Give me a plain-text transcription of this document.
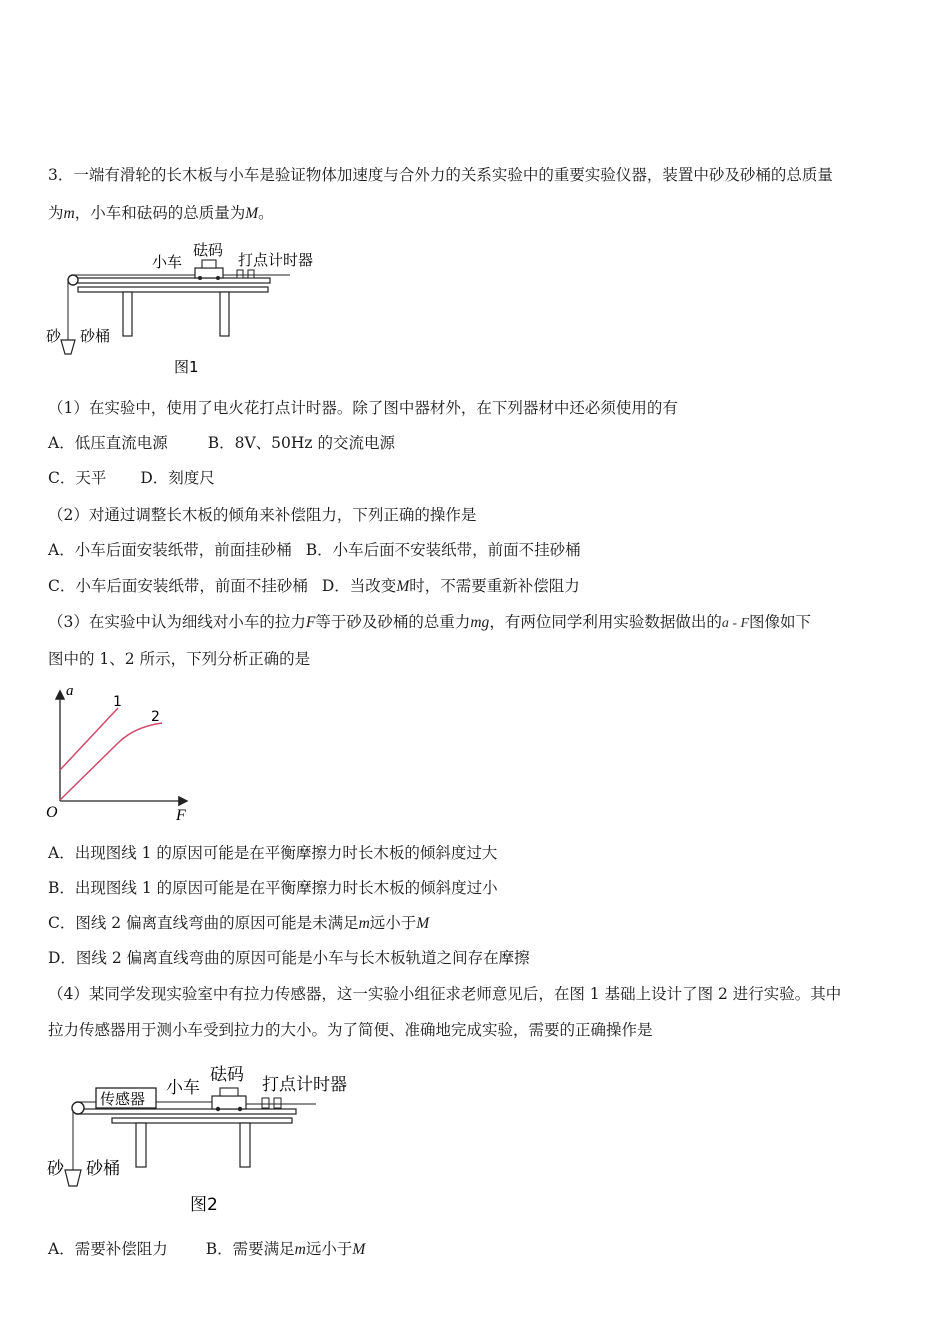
3．一端有滑轮的长木板与小车是验证物体加速度与合外力的关系实验中的重要实验仪器，装置中砂及砂桶的总质量
为m，小车和砝码的总质量为M。
小车
砝码
打点计时器
砂 砂桶
图1
（1）在实验中，使用了电火花打点计时器。除了图中器材外，在下列器材中还必须使用的有
A．低压直流电源	B．8V、50Hz 的交流电源
C．天平 D．刻度尺
（2）对通过调整长木板的倾角来补偿阻力，下列正确的操作是
A．小车后面安装纸带，前面挂砂桶 B．小车后面不安装纸带，前面不挂砂桶
C．小车后面安装纸带，前面不挂砂桶 D．当改变M时，不需要重新补偿阻力
（3）在实验中认为细线对小车的拉力F等于砂及砂桶的总重力mg，有两位同学利用实验数据做出的a - F图像如下
图中的 1、2 所示，下列分析正确的是
a
F
O
1
2
A．出现图线 1 的原因可能是在平衡摩擦力时长木板的倾斜度过大
B．出现图线 1 的原因可能是在平衡摩擦力时长木板的倾斜度过小
C．图线 2 偏离直线弯曲的原因可能是未满足m远小于M
D．图线 2 偏离直线弯曲的原因可能是小车与长木板轨道之间存在摩擦
（4）某同学发现实验室中有拉力传感器，这一实验小组征求老师意见后，在图 1 基础上设计了图 2 进行实验。其中
拉力传感器用于测小车受到拉力的大小。为了简便、准确地完成实验，需要的正确操作是
传感器
小车
砝码 打点计时器
砂 砂桶
图2
A．需要补偿阻力 B．需要满足m远小于M
